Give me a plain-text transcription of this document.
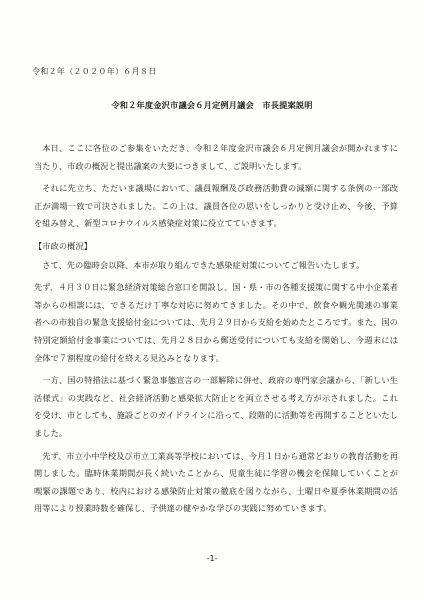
令和２年（２０２０年）６月８日
令和２年度金沢市議会６月定例月議会　市長提案説明

本日、ここに各位のご参集をいただき、令和２年度金沢市議会６月定例月議会が開かれますに当たり、市政の概況と提出議案の大要につきまして、ご説明いたします。

それに先立ち、ただいま議場において、議員報酬及び政務活動費の減額に関する条例の一部改正が満場一致で可決されました。この上は、議員各位の思いをしっかりと受け止め、今後、予算を組み替え、新型コロナウイルス感染症対策に役立てていきます。

【市政の概況】

さて、先の臨時会以降、本市が取り組んできた感染症対策についてご報告いたします。

先ず、４月３０日に緊急経済対策総合窓口を開設し、国・県・市の各種支援策に関する中小企業者等からの相談には、できるだけ丁寧な対応に努めてきました。その中で、飲食や観光関連の事業者への市独自の緊急支援給付金については、先月２９日から支給を始めたところです。また、国の特別定額給付金事業については、先月２８日から郵送受付についても支給を開始し、今週末には全体で７割程度の給付を終える見込みとなります。

一方、国の特措法に基づく緊急事態宣言の一部解除に併せ、政府の専門家会議から、「新しい生活様式」の実践など、社会経済活動と感染拡大防止とを両立させる考え方が示されました。これを受け、市としても、施設ごとのガイドラインに沿って、段階的に活動等を再開することといたしました。

先ず、市立小中学校及び市立工業高等学校においては、今月１日から通常どおりの教育活動を再開しました。臨時休業期間が長く続いたことから、児童生徒に学習の機会を保障していくことが喫緊の課題であり、校内における感染防止対策の徹底を図りながら、土曜日や夏季休業期間の活用等により授業時数を確保し、子供達の健やかな学びの実践に努めていきます。

-1-
